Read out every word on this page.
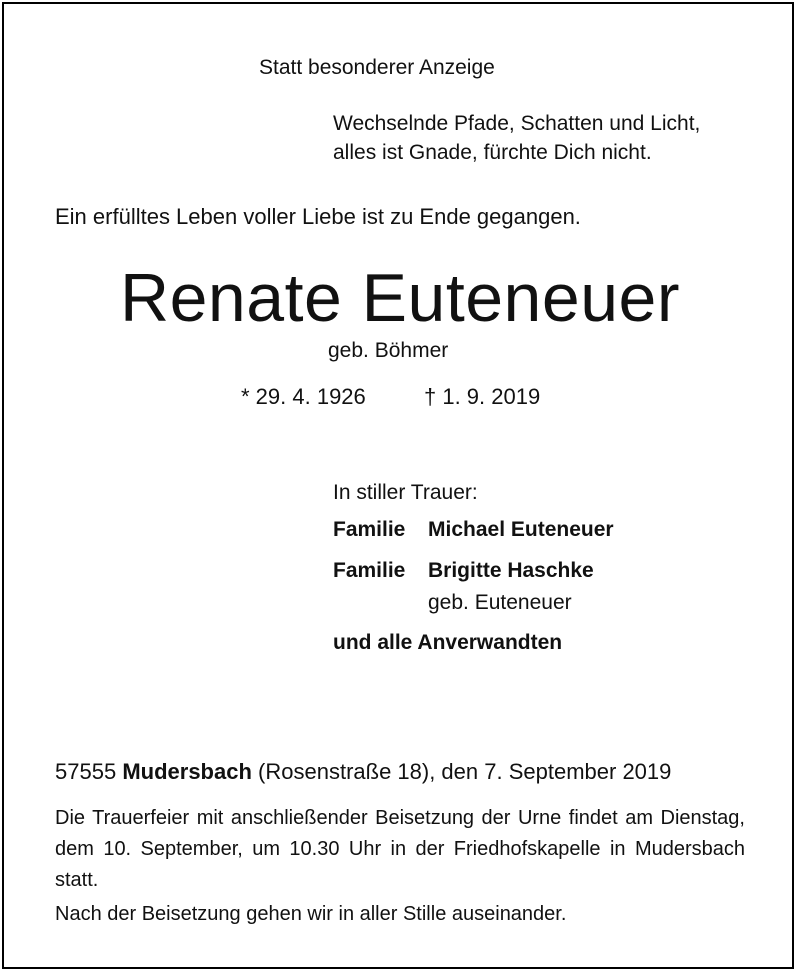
Statt besonderer Anzeige
Wechselnde Pfade, Schatten und Licht,
alles ist Gnade, fürchte Dich nicht.
Ein erfülltes Leben voller Liebe ist zu Ende gegangen.
Renate Euteneuer
geb. Böhmer
* 29. 4. 1926	† 1. 9. 2019
In stiller Trauer:
Familie Michael Euteneuer
Familie Brigitte Haschke
geb. Euteneuer
und alle Anverwandten
57555 Mudersbach (Rosenstraße 18), den 7. September 2019

Die Trauerfeier mit anschließender Beisetzung der Urne findet am Dienstag, dem 10. September, um 10.30 Uhr in der Friedhofskapelle in Mudersbach statt.

Nach der Beisetzung gehen wir in aller Stille auseinander.
